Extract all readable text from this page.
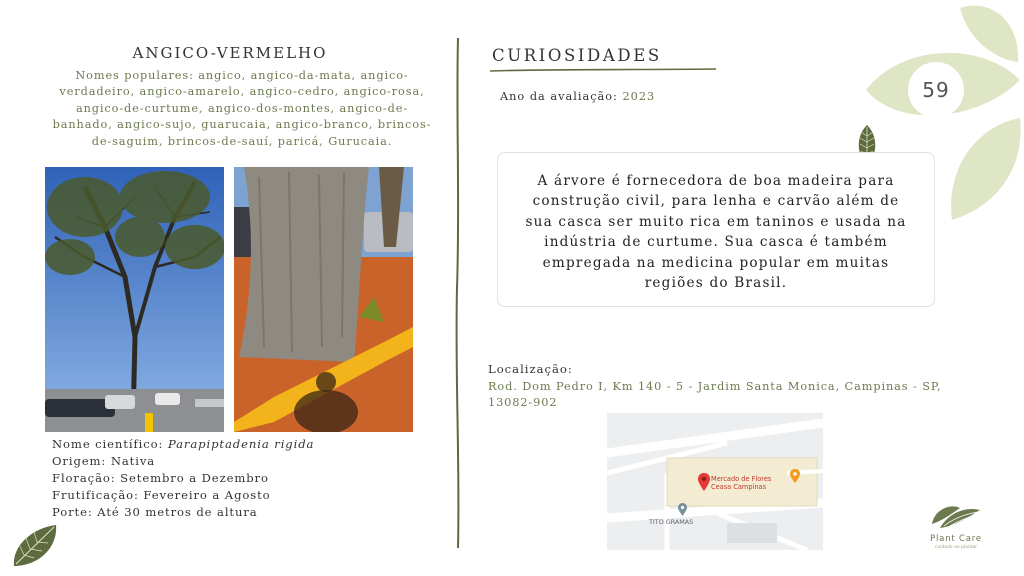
59
ANGICO-VERMELHO
Nomes populares: angico, angico-da-mata, angico-verdadeiro, angico-amarelo, angico-cedro, angico-rosa, angico-de-curtume, angico-dos-montes, angico-de-banhado, angico-sujo, guarucaia, angico-branco, brincos-de-saguim, brincos-de-sauí, paricá, Gurucaia.
Nome científico: Parapiptadenia rigida
Origem: Nativa
Floração: Setembro a Dezembro
Frutificação: Fevereiro a Agosto
Porte: Até 30 metros de altura
CURIOSIDADES
Ano da avaliação: 2023
A árvore é fornecedora de boa madeira para construção civil, para lenha e carvão além de sua casca ser muito rica em taninos e usada na indústria de curtume. Sua casca é também empregada na medicina popular em muitas regiões do Brasil.
Localização:
Rod. Dom Pedro I, Km 140 - 5 - Jardim Santa Monica, Campinas - SP, 13082-902
Mercado de Flores
Ceasa Campinas
TITO GRAMAS
Plant Care
cuidado ao plantar
